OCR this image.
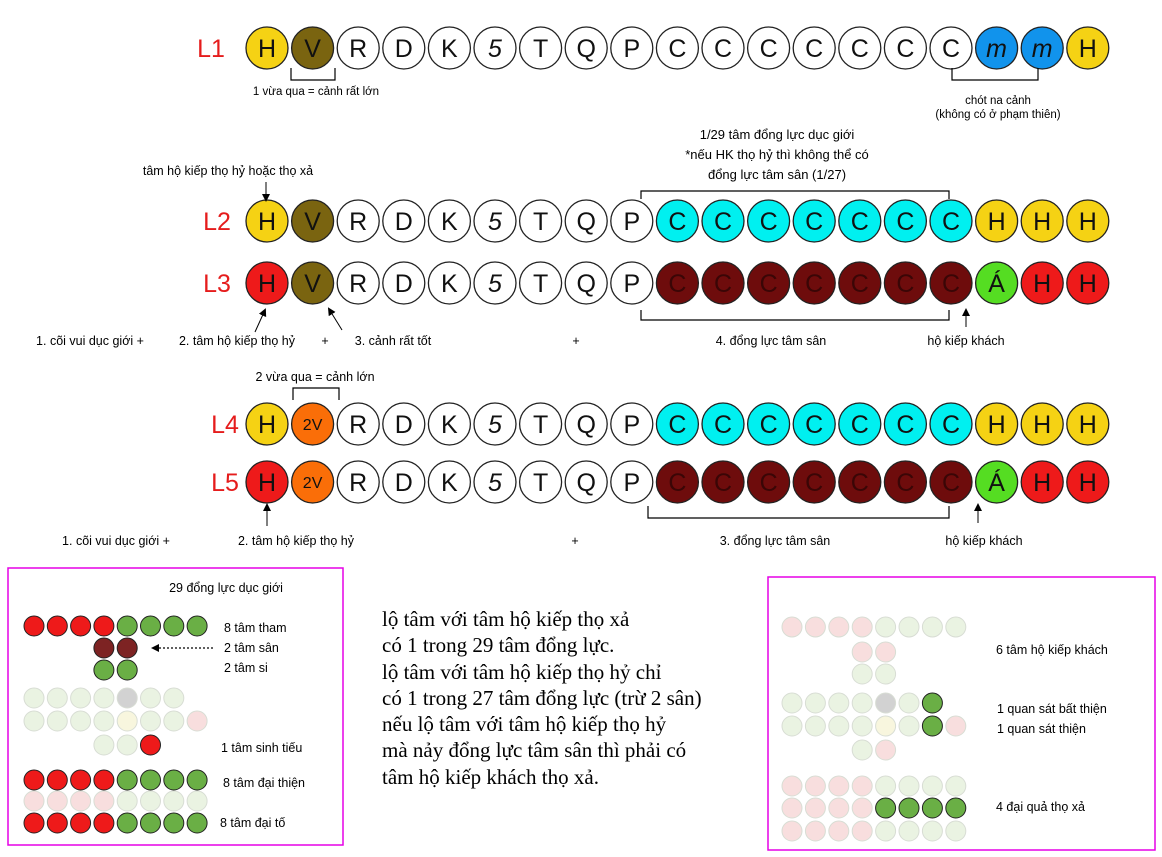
L1 H V R D K 5 T Q P C C C C C C C m m H
L2 H V R D K 5 T Q P C C C C C C C H H H
L3 H V R D K 5 T Q P C C C C C C C Á H H
L4 H 2V R D K 5 T Q P C C C C C C C H H H
L5 H 2V R D K 5 T Q P C C C C C C C Á H H
1 vừa qua = cảnh rất lớn
chót na cảnh
(không có ở phạm thiên)
1/29 tâm đổng lực dục giới
*nếu HK thọ hỷ thì không thể có
đổng lực tâm sân (1/27)
tâm hộ kiếp thọ hỷ hoặc thọ xả
1. cõi vui dục giới +	2. tâm hộ kiếp thọ hỷ + 3. cảnh rất tốt	+	4. đổng lực tâm sân	hộ kiếp khách
2 vừa qua = cảnh lớn
1. cõi vui dục giới +	2. tâm hộ kiếp thọ hỷ	+	3. đổng lực tâm sân	hộ kiếp khách
29 đổng lực dục giới
8 tâm tham
2 tâm sân
2 tâm si
1 tâm sinh tiếu
8 tâm đại thiện
8 tâm đại tố
6 tâm hộ kiếp khách
1 quan sát bất thiện
1 quan sát thiện
4 đại quả thọ xả
lộ tâm với tâm hộ kiếp thọ xả
có 1 trong 29 tâm đổng lực.
lộ tâm với tâm hộ kiếp thọ hỷ chỉ
có 1 trong 27 tâm đổng lực (trừ 2 sân)
nếu lộ tâm với tâm hộ kiếp thọ hỷ
mà nảy đổng lực tâm sân thì phải có
tâm hộ kiếp khách thọ xả.
